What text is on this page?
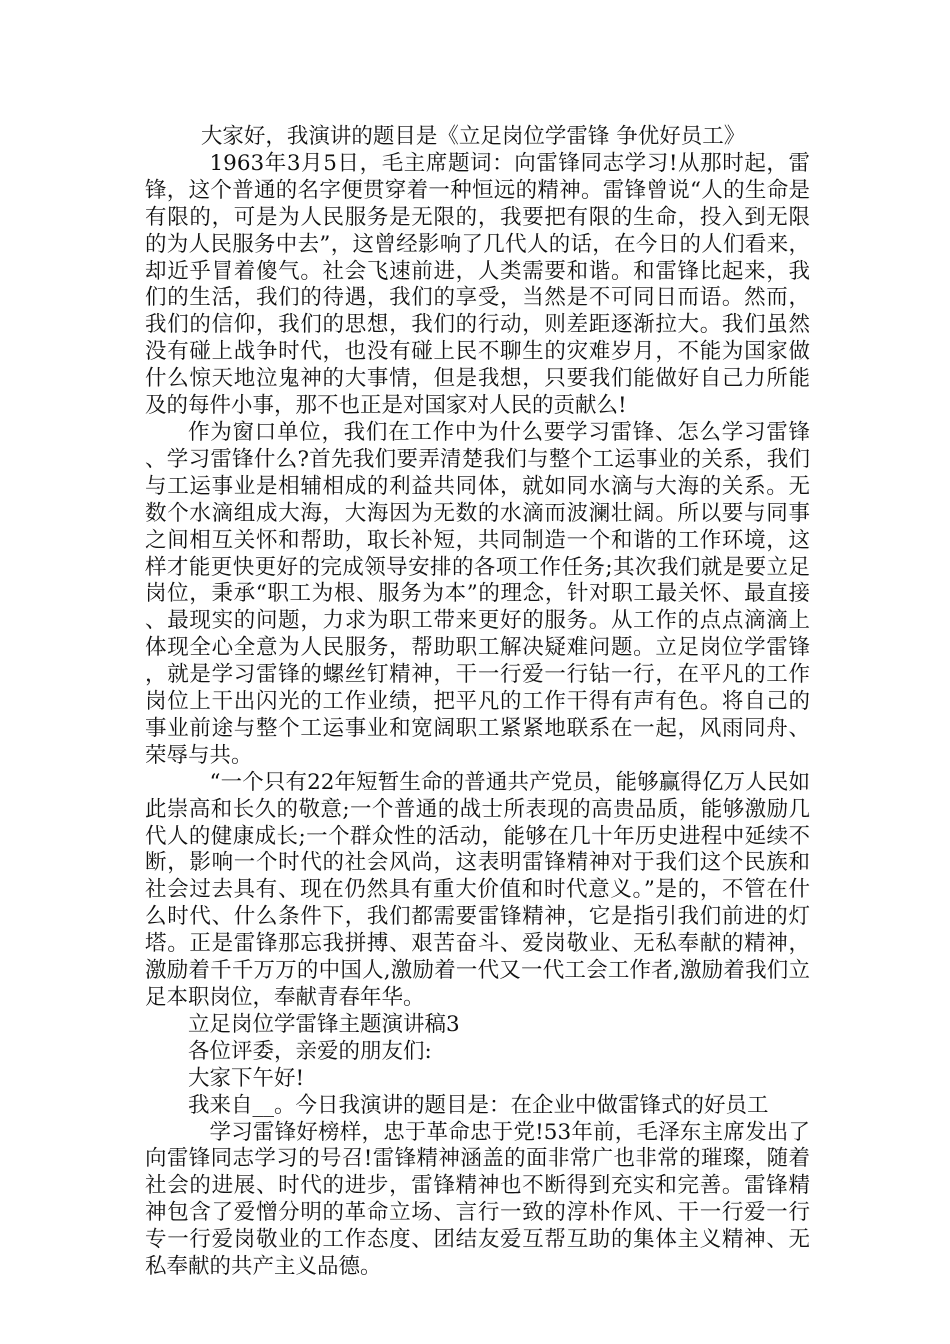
大家好，我演讲的题目是《立足岗位学雷锋 争优好员工》

1963年3月5日，毛主席题词：向雷锋同志学习!从那时起，雷锋，这个普通的名字便贯穿着一种恒远的精神。雷锋曾说“人的生命是有限的，可是为人民服务是无限的，我要把有限的生命，投入到无限的为人民服务中去”，这曾经影响了几代人的话，在今日的人们看来，却近乎冒着傻气。社会飞速前进，人类需要和谐。和雷锋比起来，我们的生活，我们的待遇，我们的享受，当然是不可同日而语。然而，我们的信仰，我们的思想，我们的行动，则差距逐渐拉大。我们虽然没有碰上战争时代，也没有碰上民不聊生的灾难岁月，不能为国家做什么惊天地泣鬼神的大事情，但是我想，只要我们能做好自己力所能及的每件小事，那不也正是对国家对人民的贡献么!

作为窗口单位，我们在工作中为什么要学习雷锋、怎么学习雷锋、学习雷锋什么?首先我们要弄清楚我们与整个工运事业的关系，我们与工运事业是相辅相成的利益共同体，就如同水滴与大海的关系。无数个水滴组成大海，大海因为无数的水滴而波澜壮阔。所以要与同事之间相互关怀和帮助，取长补短，共同制造一个和谐的工作环境，这样才能更快更好的完成领导安排的各项工作任务;其次我们就是要立足岗位，秉承“职工为根、服务为本”的理念，针对职工最关怀、最直接、最现实的问题，力求为职工带来更好的服务。从工作的点点滴滴上体现全心全意为人民服务，帮助职工解决疑难问题。立足岗位学雷锋，就是学习雷锋的螺丝钉精神，干一行爱一行钻一行，在平凡的工作岗位上干出闪光的工作业绩，把平凡的工作干得有声有色。将自己的事业前途与整个工运事业和宽阔职工紧紧地联系在一起，风雨同舟、荣辱与共。

“一个只有22年短暂生命的普通共产党员，能够赢得亿万人民如此崇高和长久的敬意;一个普通的战士所表现的高贵品质，能够激励几代人的健康成长;一个群众性的活动，能够在几十年历史进程中延续不断，影响一个时代的社会风尚，这表明雷锋精神对于我们这个民族和社会过去具有、现在仍然具有重大价值和时代意义。”是的，不管在什么时代、什么条件下，我们都需要雷锋精神，它是指引我们前进的灯塔。正是雷锋那忘我拼搏、艰苦奋斗、爱岗敬业、无私奉献的精神，激励着千千万万的中国人,激励着一代又一代工会工作者,激励着我们立足本职岗位，奉献青春年华。

立足岗位学雷锋主题演讲稿3

各位评委，亲爱的朋友们:

大家下午好!

我来自__。今日我演讲的题目是：在企业中做雷锋式的好员工

学习雷锋好榜样，忠于革命忠于党!53年前，毛泽东主席发出了向雷锋同志学习的号召!雷锋精神涵盖的面非常广也非常的璀璨，随着社会的进展、时代的进步，雷锋精神也不断得到充实和完善。雷锋精神包含了爱憎分明的革命立场、言行一致的淳朴作风、干一行爱一行专一行爱岗敬业的工作态度、团结友爱互帮互助的集体主义精神、无私奉献的共产主义品德。
